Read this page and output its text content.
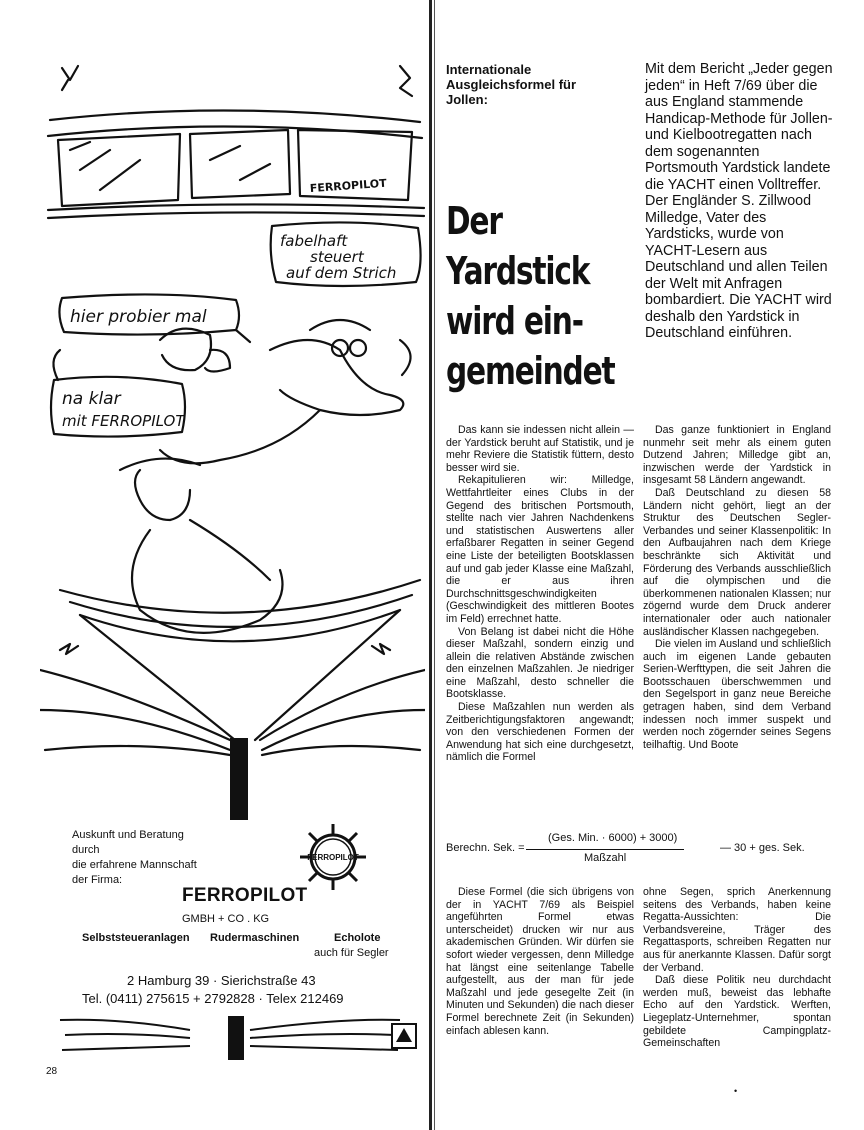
fabelhaft
steuert
auf dem Strich
hier probier mal
na klar
mit FERROPILOT
FERROPILOT
Auskunft und Beratung
durch
die erfahrene Mannschaft
der Firma:
FERROPILOT
FERROPILOT
GMBH + CO . KG
Selbststeueranlagen Rudermaschinen	Echolote
auch für Segler
2 Hamburg 39 · Sierichstraße 43
Tel. (0411) 275615 + 2792828 · Telex 212469
28
Internationale Ausgleichsformel für Jollen:
Der Yardstick wird ein- gemeindet
Mit dem Bericht „Jeder gegen jeden“ in Heft 7/69 über die aus England stammende Handicap-Methode für Jollen- und Kielbootregatten nach dem sogenannten Portsmouth Yardstick landete die YACHT einen Volltreffer. Der Engländer S. Zillwood Milledge, Vater des Yardsticks, wurde von YACHT-Lesern aus Deutschland und allen Teilen der Welt mit Anfragen bombardiert. Die YACHT wird deshalb den Yardstick in Deutschland einführen.

Das kann sie indessen nicht allein — der Yardstick beruht auf Statistik, und je mehr Reviere die Statistik füttern, desto besser wird sie.

Rekapitulieren wir: Milledge, Wettfahrtleiter eines Clubs in der Gegend des britischen Portsmouth, stellte nach vier Jahren Nachdenkens und statistischen Auswertens aller erfaßbarer Regatten in seiner Gegend eine Liste der beteiligten Bootsklassen auf und gab jeder Klasse eine Maßzahl, die er aus ihren Durchschnittsgeschwindigkeiten (Geschwindigkeit des mittleren Bootes im Feld) errechnet hatte.

Von Belang ist dabei nicht die Höhe dieser Maßzahl, sondern einzig und allein die relativen Abstände zwischen den einzelnen Maßzahlen. Je niedriger eine Maßzahl, desto schneller die Bootsklasse.

Diese Maßzahlen nun werden als Zeitberichtigungsfaktoren angewandt; von den verschiedenen Formen der Anwendung hat sich eine durchgesetzt, nämlich die Formel

Das ganze funktioniert in England nunmehr seit mehr als einem guten Dutzend Jahren; Milledge gibt an, inzwischen werde der Yardstick in insgesamt 58 Ländern angewandt.

Daß Deutschland zu diesen 58 Ländern nicht gehört, liegt an der Struktur des Deutschen Segler-Verbandes und seiner Klassenpolitik: In den Aufbaujahren nach dem Kriege beschränkte sich Aktivität und Förderung des Verbands ausschließlich auf die olympischen und die überkommenen nationalen Klassen; nur zögernd wurde dem Druck anderer internationaler oder auch nationaler ausländischer Klassen nachgegeben.

Die vielen im Ausland und schließlich auch im eigenen Lande gebauten Serien-Werfttypen, die seit Jahren die Bootsschauen überschwemmen und den Segelsport in ganz neue Bereiche getragen haben, sind dem Verband indessen noch immer suspekt und werden noch zögernder seines Segens teilhaftig. Und Boote

Berechn. Sek. =
(Ges. Min. · 6000) + 3000)
Maßzahl
— 30 + ges. Sek.

Diese Formel (die sich übrigens von der in YACHT 7/69 als Beispiel angeführten Formel etwas unterscheidet) drucken wir nur aus akademischen Gründen. Wir dürfen sie sofort wieder vergessen, denn Milledge hat längst eine seitenlange Tabelle aufgestellt, aus der man für jede Maßzahl und jede gesegelte Zeit (in Minuten und Sekunden) die nach dieser Formel berechnete Zeit (in Sekunden) einfach ablesen kann.

ohne Segen, sprich Anerkennung seitens des Verbands, haben keine Regatta-Aussichten: Die Verbandsvereine, Träger des Regattasports, schreiben Regatten nur aus für anerkannte Klassen. Dafür sorgt der Verband.

Daß diese Politik neu durchdacht werden muß, beweist das lebhafte Echo auf den Yardstick. Werften, Liegeplatz-Unternehmer, spontan gebildete Campingplatz-Gemeinschaften

•
